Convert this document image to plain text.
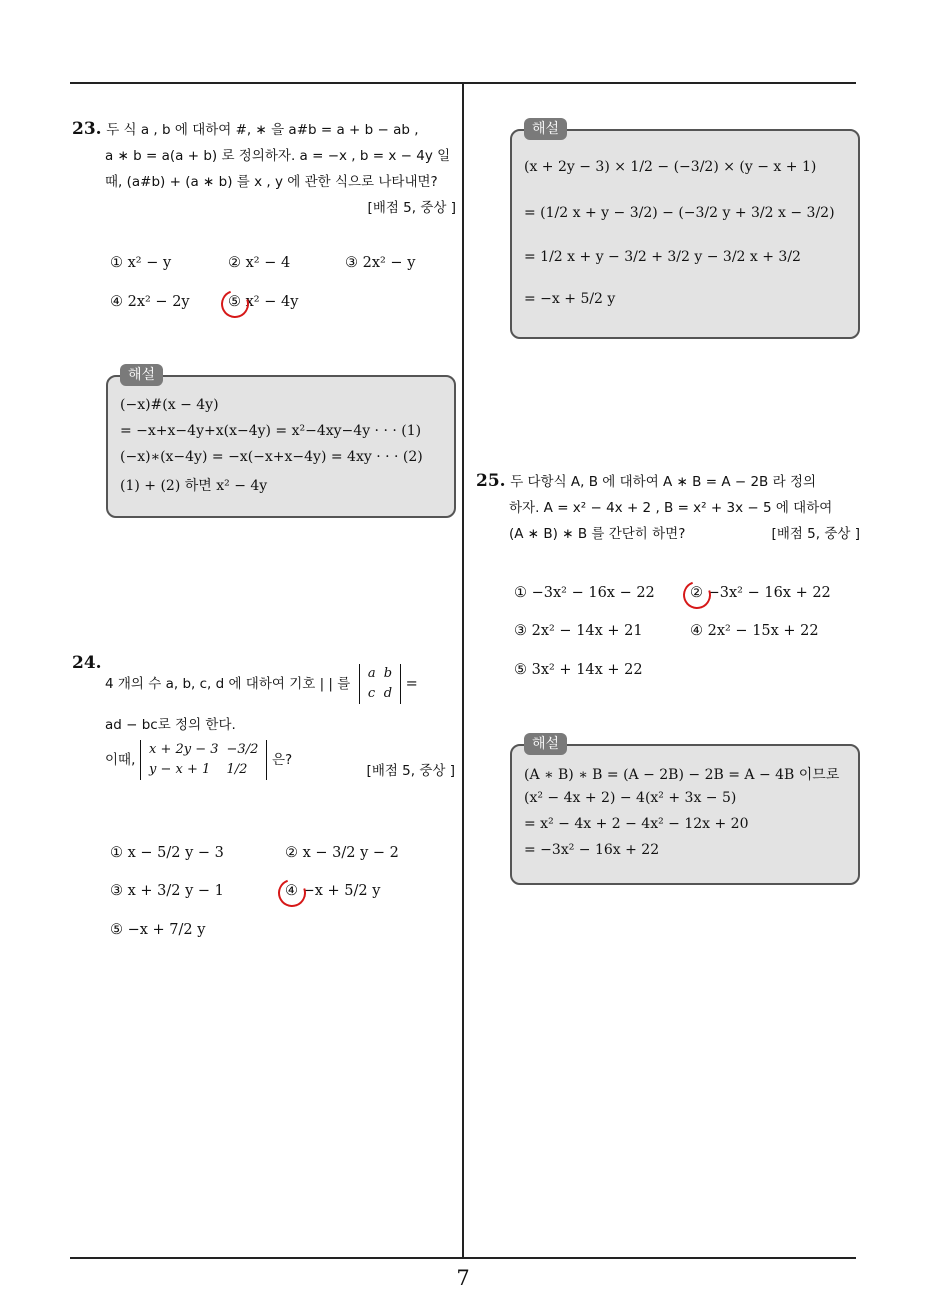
7
23. 두 식 a , b 에 대하여 #, ∗ 을 a#b = a + b − ab ,
a ∗ b = a(a + b) 로 정의하자. a = −x , b = x − 4y 일
때, (a#b) + (a ∗ b) 를 x , y 에 관한 식으로 나타내면?
[배점 5, 중상 ]

① x² − y	② x² − 4	③ 2x² − y
④ 2x² − 2y	⑤ x² − 4y
해설
(−x)#(x − 4y)
= −x+x−4y+x(x−4y) = x²−4xy−4y · · · (1)
(−x)∗(x−4y) = −x(−x+x−4y) = 4xy · · · (2)
(1) + (2) 하면 x² − 4y
24.
4 개의 수 a, b, c, d 에 대하여 기호 | | 를 a	b
c	d =
ad − bc로 정의 한다.
이때, x + 2y − 3	−3/2
y − x + 1	1/2 은?
[배점 5, 중상 ]
① x − 5/2 y − 3	② x − 3/2 y − 2
③ x + 3/2 y − 1	④ −x + 5/2 y
⑤ −x + 7/2 y
해설
(x + 2y − 3) × 1/2 − (−3/2) × (y − x + 1)
= (1/2 x + y − 3/2) − (−3/2 y + 3/2 x − 3/2)
= 1/2 x + y − 3/2 + 3/2 y − 3/2 x + 3/2
= −x + 5/2 y
25. 두 다항식 A, B 에 대하여 A ∗ B = A − 2B 라 정의
하자. A = x² − 4x + 2 , B = x² + 3x − 5 에 대하여
(A ∗ B) ∗ B 를 간단히 하면?	[배점 5, 중상 ]
① −3x² − 16x − 22 ② −3x² − 16x + 22
③ 2x² − 14x + 21	④ 2x² − 15x + 22
⑤ 3x² + 14x + 22
해설
(A ∗ B) ∗ B = (A − 2B) − 2B = A − 4B 이므로
(x² − 4x + 2) − 4(x² + 3x − 5)
= x² − 4x + 2 − 4x² − 12x + 20
= −3x² − 16x + 22
